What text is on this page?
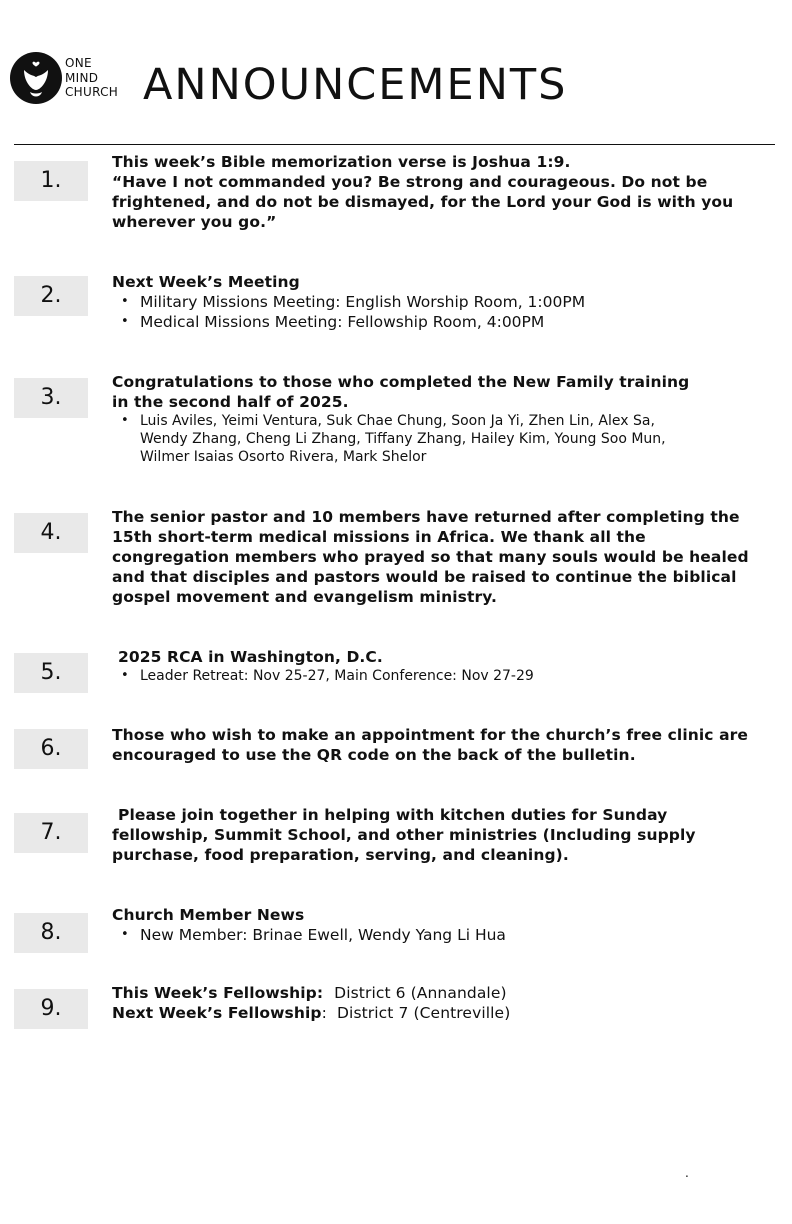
ONE
MIND
CHURCH ANNOUNCEMENTS
1.

This week’s Bible memorization verse is Joshua 1:9.

“Have I not commanded you? Be strong and courageous. Do not be

frightened, and do not be dismayed, for the Lord your God is with you

wherever you go.”

2.

Next Week’s Meeting

• Military Missions Meeting: English Worship Room, 1:00PM
• Medical Missions Meeting: Fellowship Room, 4:00PM
3.

Congratulations to those who completed the New Family training

in the second half of 2025.

• Luis Aviles, Yeimi Ventura, Suk Chae Chung, Soon Ja Yi, Zhen Lin, Alex Sa,
Wendy Zhang, Cheng Li Zhang, Tiffany Zhang, Hailey Kim, Young Soo Mun,
Wilmer Isaias Osorto Rivera, Mark Shelor
4.

The senior pastor and 10 members have returned after completing the

15th short-term medical missions in Africa. We thank all the

congregation members who prayed so that many souls would be healed

and that disciples and pastors would be raised to continue the biblical

gospel movement and evangelism ministry.

5.

2025 RCA in Washington, D.C.

• Leader Retreat: Nov 25-27, Main Conference: Nov 27-29
6.

Those who wish to make an appointment for the church’s free clinic are

encouraged to use the QR code on the back of the bulletin.

7.

Please join together in helping with kitchen duties for Sunday

fellowship, Summit School, and other ministries (Including supply

purchase, food preparation, serving, and cleaning).

8.

Church Member News

• New Member: Brinae Ewell, Wendy Yang Li Hua
9.

This Week’s Fellowship: District 6 (Annandale)

Next Week’s Fellowship:  District 7 (Centreville)

.
